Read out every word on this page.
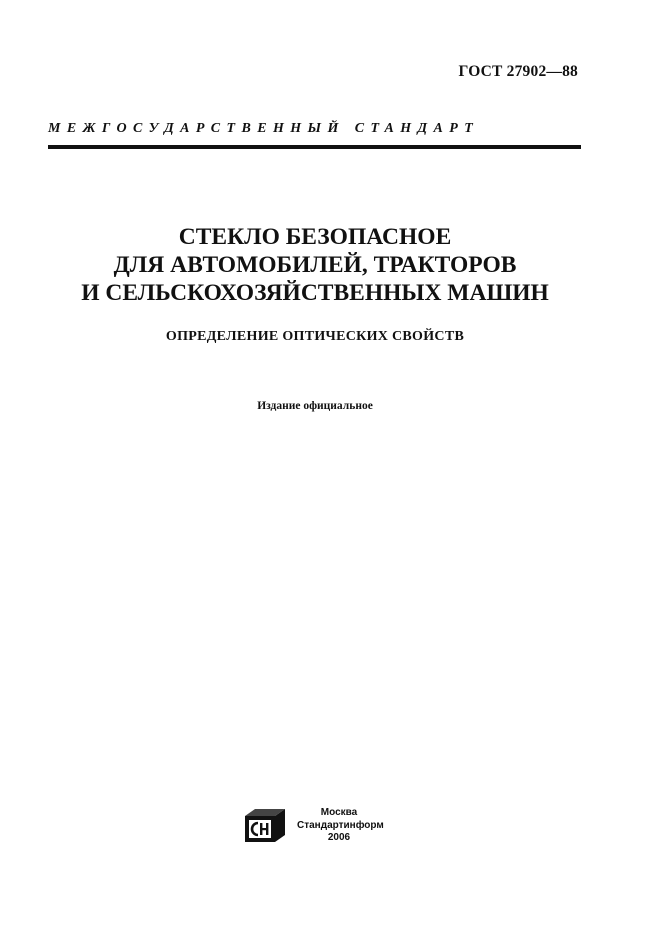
ГОСТ 27902—88
МЕЖГОСУДАРСТВЕННЫЙ СТАНДАРТ
СТЕКЛО БЕЗОПАСНОЕ
ДЛЯ АВТОМОБИЛЕЙ, ТРАКТОРОВ
И СЕЛЬСКОХОЗЯЙСТВЕННЫХ МАШИН
ОПРЕДЕЛЕНИЕ ОПТИЧЕСКИХ СВОЙСТВ
Издание официальное
Москва
Стандартинформ
2006
